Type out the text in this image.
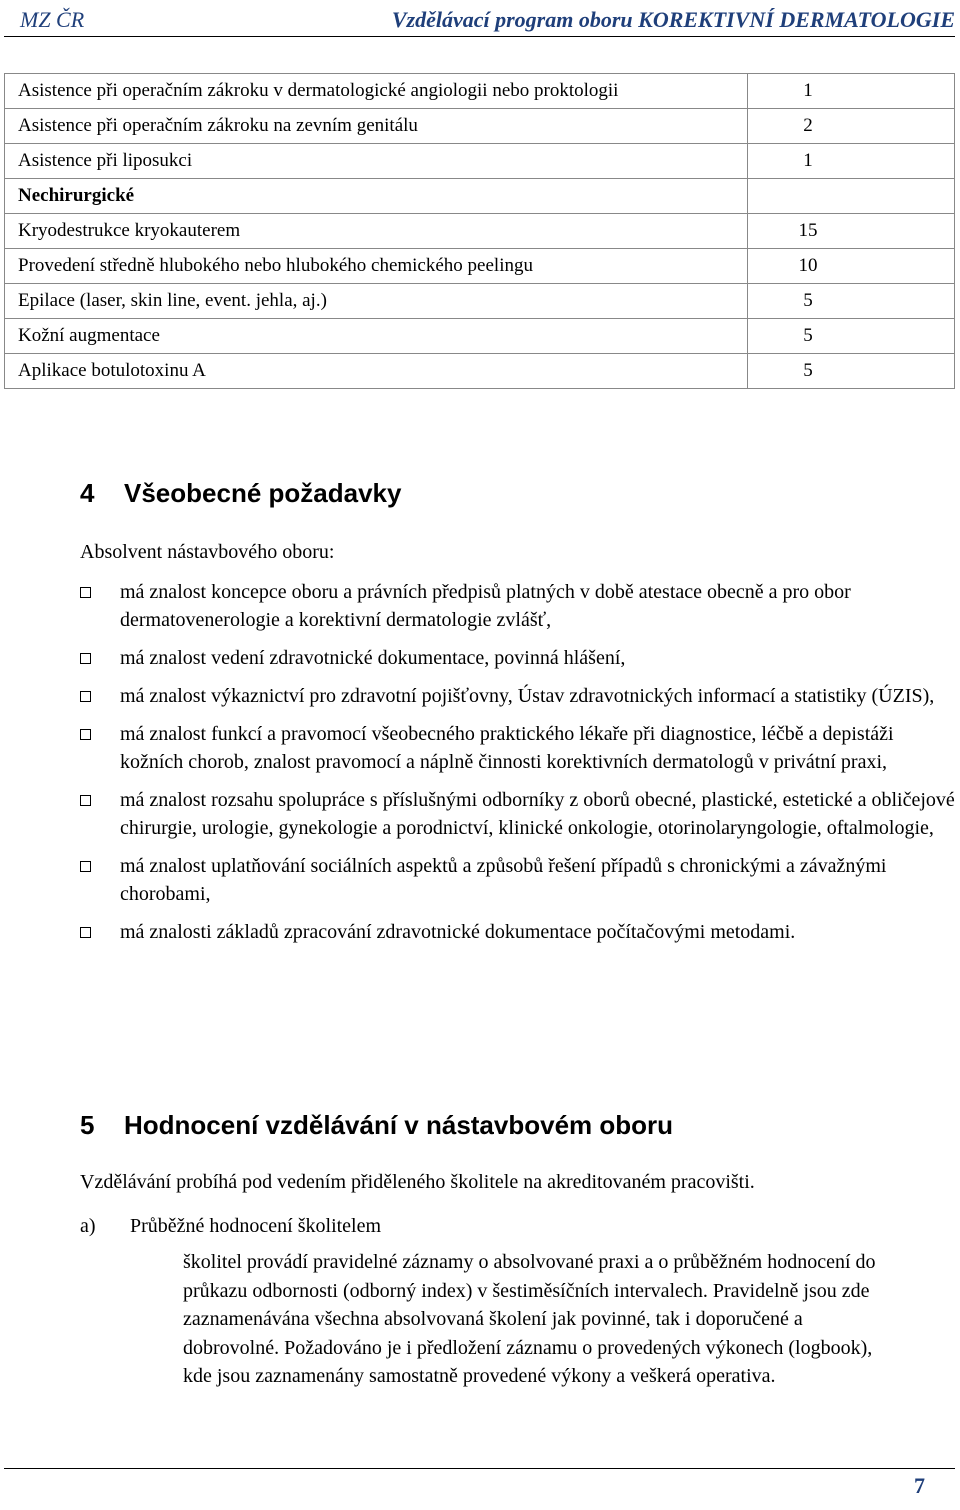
MZ ČR	Vzdělávací program oboru KOREKTIVNÍ DERMATOLOGIE
Asistence při operačním zákroku v dermatologické angiologii nebo proktologii	1
Asistence při operačním zákroku na zevním genitálu	2
Asistence při liposukci	1
Nechirurgické	
Kryodestrukce kryokauterem	15
Provedení středně hlubokého nebo hlubokého chemického peelingu	10
Epilace (laser, skin line, event. jehla, aj.)	5
Kožní augmentace	5
Aplikace botulotoxinu A	5
4 Všeobecné požadavky

Absolvent nástavbového oboru:

má znalost koncepce oboru a právních předpisů platných v době atestace obecně a pro obor dermatovenerologie a korektivní dermatologie zvlášť,
má znalost vedení zdravotnické dokumentace, povinná hlášení,
má znalost výkaznictví pro zdravotní pojišťovny, Ústav zdravotnických informací a statistiky (ÚZIS),
má znalost funkcí a pravomocí všeobecného praktického lékaře při diagnostice, léčbě a depistáži kožních chorob, znalost pravomocí a náplně činnosti korektivních dermatologů v privátní praxi,
má znalost rozsahu spolupráce s příslušnými odborníky z oborů obecné, plastické, estetické a obličejové chirurgie, urologie, gynekologie a porodnictví, klinické onkologie, otorinolaryngologie, oftalmologie,
má znalost uplatňování sociálních aspektů a způsobů řešení případů s chronickými a závažnými chorobami,
má znalosti základů zpracování zdravotnické dokumentace počítačovými metodami.
5 Hodnocení vzdělávání v nástavbovém oboru

Vzdělávání probíhá pod vedením přiděleného školitele na akreditovaném pracovišti.

a) Průběžné hodnocení školitelem

školitel provádí pravidelné záznamy o absolvované praxi a o průběžném hodnocení do průkazu odbornosti (odborný index) v šestiměsíčních intervalech. Pravidelně jsou zde zaznamenávána všechna absolvovaná školení jak povinné, tak i doporučené a dobrovolné. Požadováno je i předložení záznamu o provedených výkonech (logbook), kde jsou zaznamenány samostatně provedené výkony a veškerá operativa.

7
